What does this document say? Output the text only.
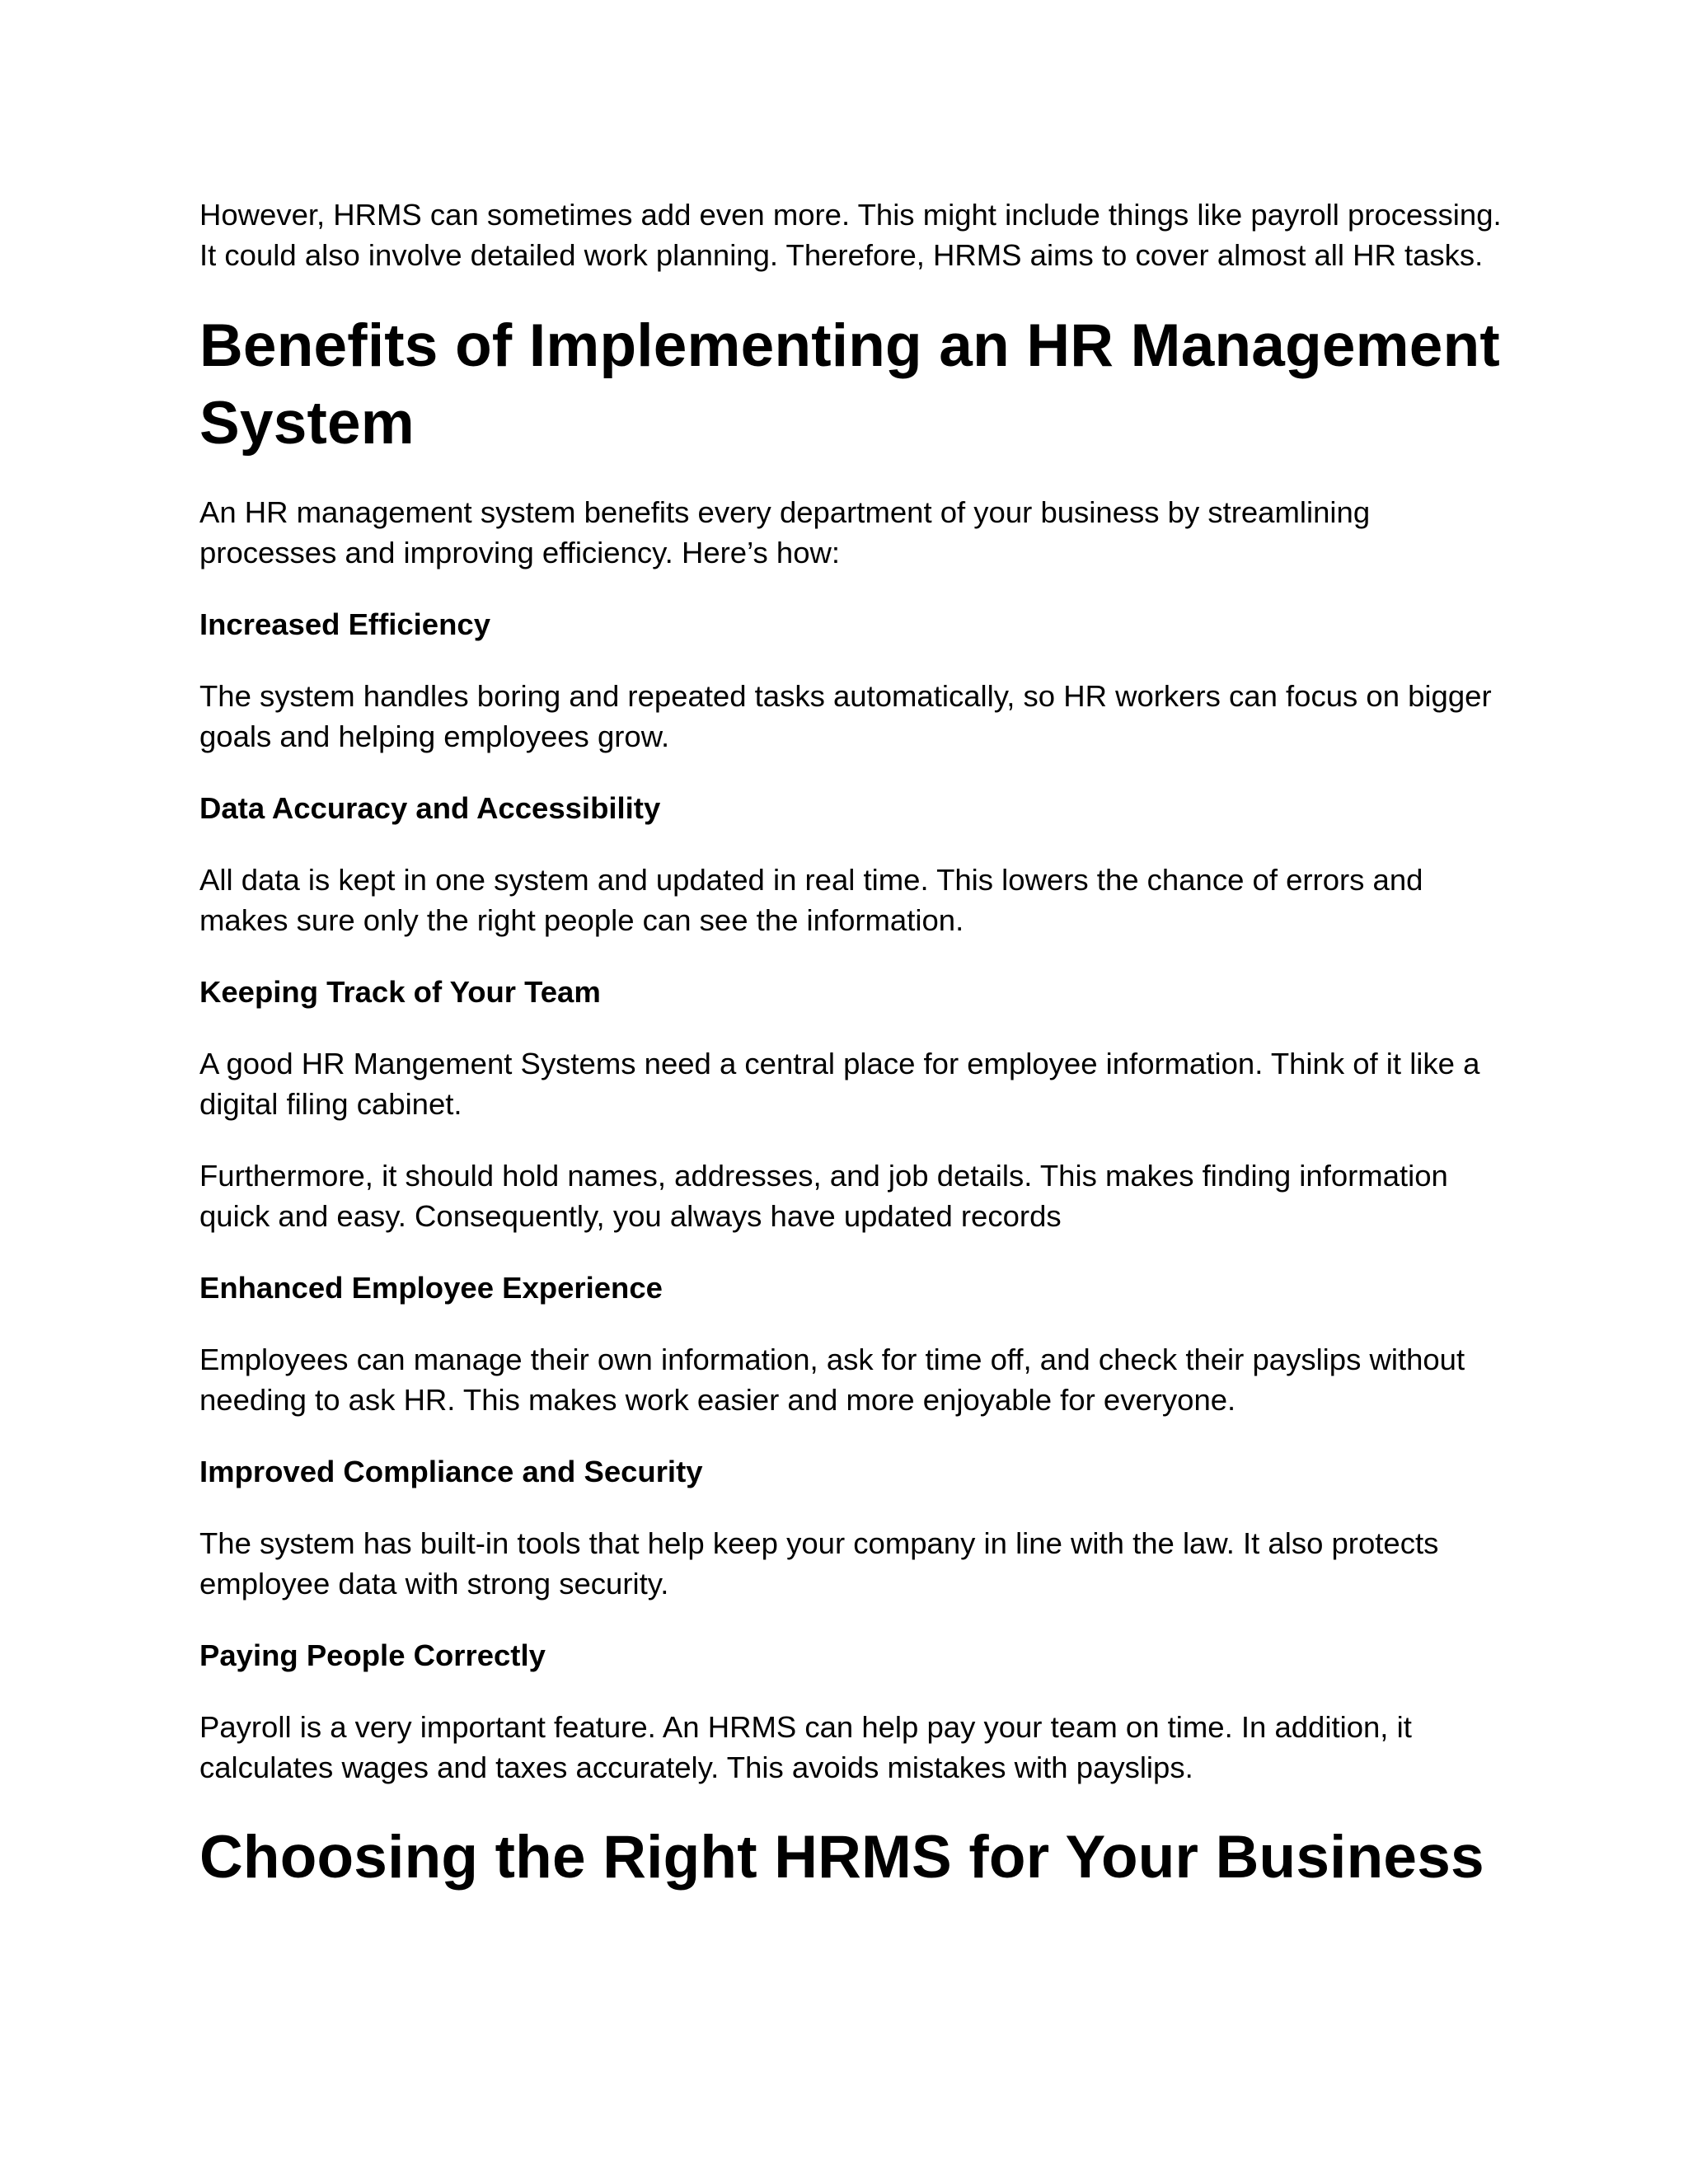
However, HRMS can sometimes add even more. This might include things like payroll processing. It could also involve detailed work planning. Therefore, HRMS aims to cover almost all HR tasks.

Benefits of Implementing an HR Management System

An HR management system benefits every department of your business by streamlining processes and improving efficiency. Here’s how:

Increased Efficiency

The system handles boring and repeated tasks automatically, so HR workers can focus on bigger goals and helping employees grow.

Data Accuracy and Accessibility

All data is kept in one system and updated in real time. This lowers the chance of errors and makes sure only the right people can see the information.

Keeping Track of Your Team

A good HR Mangement Systems need a central place for employee information. Think of it like a digital filing cabinet.

Furthermore, it should hold names, addresses, and job details. This makes finding information quick and easy. Consequently, you always have updated records

Enhanced Employee Experience

Employees can manage their own information, ask for time off, and check their payslips without needing to ask HR. This makes work easier and more enjoyable for everyone.

Improved Compliance and Security

The system has built-in tools that help keep your company in line with the law. It also protects employee data with strong security.

Paying People Correctly

Payroll is a very important feature. An HRMS can help pay your team on time. In addition, it calculates wages and taxes accurately. This avoids mistakes with payslips.

Choosing the Right HRMS for Your Business
